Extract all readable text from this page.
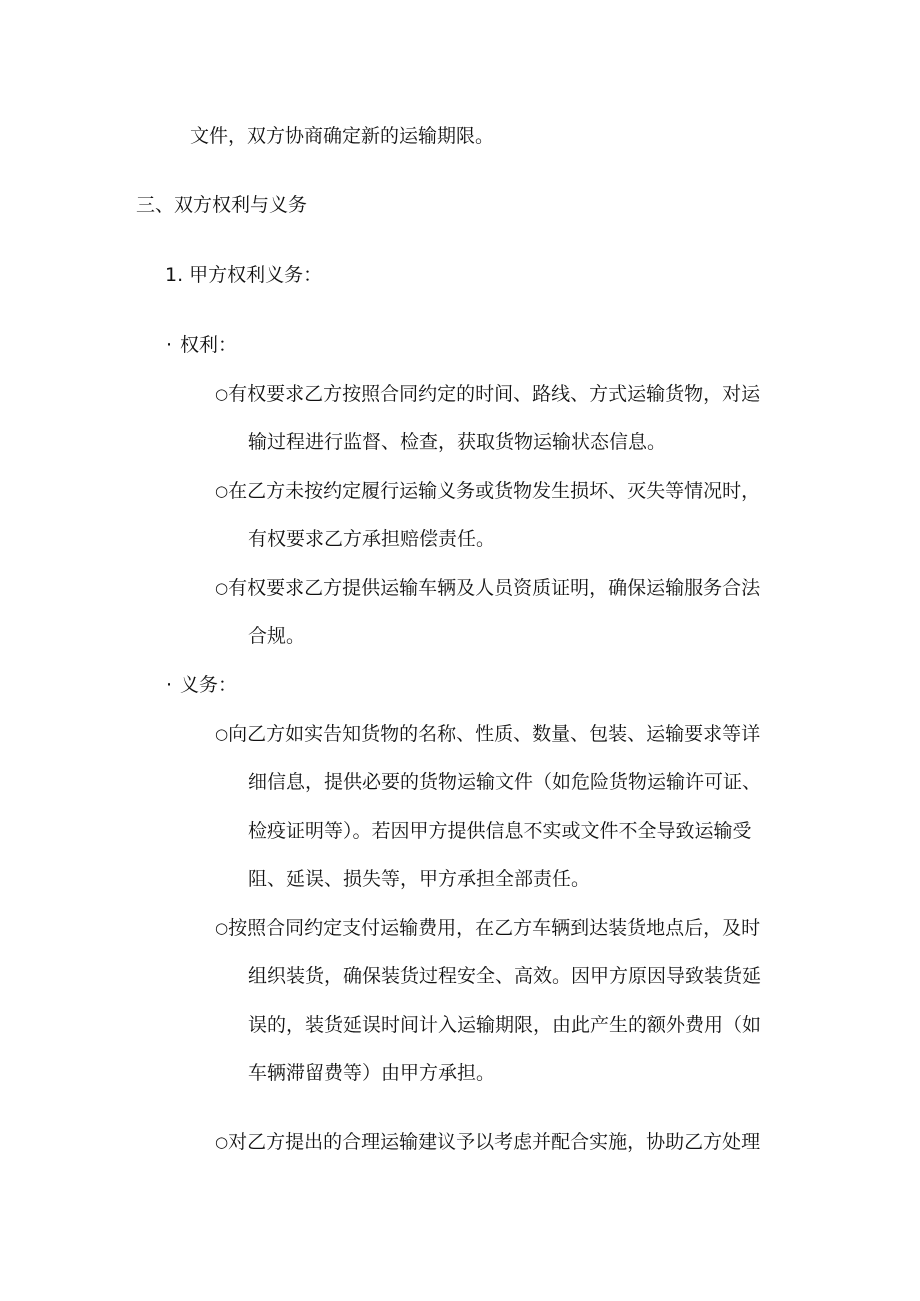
文件，双方协商确定新的运输期限。
三、双方权利与义务
1. 甲方权利义务：
· 权利：
○有权要求乙方按照合同约定的时间、路线、方式运输货物，对运
输过程进行监督、检查，获取货物运输状态信息。
○在乙方未按约定履行运输义务或货物发生损坏、灭失等情况时，
有权要求乙方承担赔偿责任。
○有权要求乙方提供运输车辆及人员资质证明，确保运输服务合法
合规。
· 义务：
○向乙方如实告知货物的名称、性质、数量、包装、运输要求等详
细信息，提供必要的货物运输文件（如危险货物运输许可证、
检疫证明等）。若因甲方提供信息不实或文件不全导致运输受
阻、延误、损失等，甲方承担全部责任。
○按照合同约定支付运输费用，在乙方车辆到达装货地点后，及时
组织装货，确保装货过程安全、高效。因甲方原因导致装货延
误的，装货延误时间计入运输期限，由此产生的额外费用（如
车辆滞留费等）由甲方承担。
○对乙方提出的合理运输建议予以考虑并配合实施，协助乙方处理
